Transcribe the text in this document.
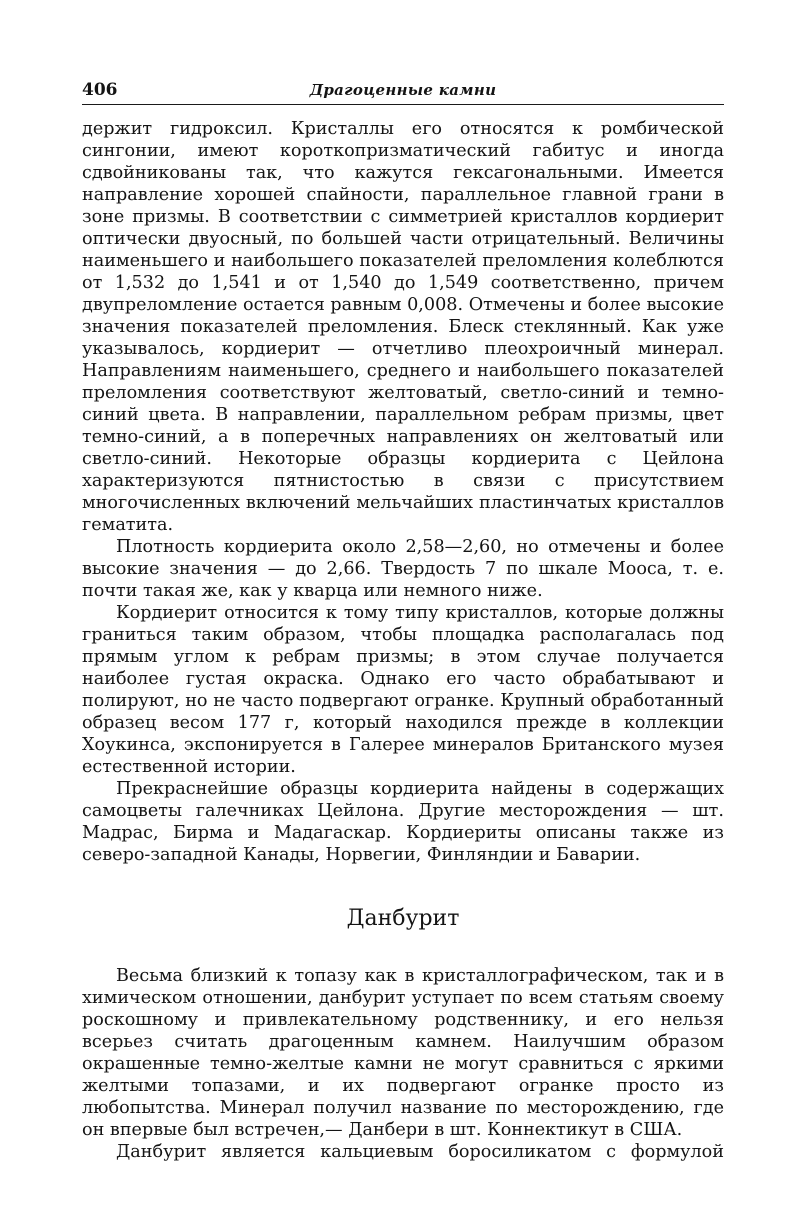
406	Драгоценные камни

держит гидроксил. Кристаллы его относятся к ромбической сингонии, имеют короткопризматический габитус и иногда сдвойникованы так, что кажутся гексагональными. Имеется направление хорошей спайности, параллельное главной грани в зоне призмы. В соответствии с симметрией кристаллов кордиерит оптически двуосный, по большей части отрицательный. Величины наименьшего и наибольшего показателей преломления колеблются от 1,532 до 1,541 и от 1,540 до 1,549 соответственно, причем двупреломление остается равным 0,008. Отмечены и более высокие значения показателей преломления. Блеск стеклянный. Как уже указывалось, кордиерит — отчетливо плеохроичный минерал. Направлениям наименьшего, среднего и наибольшего показателей преломления соответствуют желтоватый, светло-синий и темно-синий цвета. В направлении, параллельном ребрам призмы, цвет темно-синий, а в поперечных направлениях он желтоватый или светло-синий. Некоторые образцы кордиерита с Цейлона характеризуются пятнистостью в связи с присутствием многочисленных включений мельчайших пластинчатых кристаллов гематита.

Плотность кордиерита около 2,58—2,60, но отмечены и более высокие значения — до 2,66. Твердость 7 по шкале Мооса, т. е. почти такая же, как у кварца или немного ниже.

Кордиерит относится к тому типу кристаллов, которые должны граниться таким образом, чтобы площадка располагалась под прямым углом к ребрам призмы; в этом случае получается наиболее густая окраска. Однако его часто обрабатывают и полируют, но не часто подвергают огранке. Крупный обработанный образец весом 177 г, который находился прежде в коллекции Хоукинса, экспонируется в Галерее минералов Британского музея естественной истории.

Прекраснейшие образцы кордиерита найдены в содержащих самоцветы галечниках Цейлона. Другие месторождения — шт. Мадрас, Бирма и Мадагаскар. Кордиериты описаны также из северо-западной Канады, Норвегии, Финляндии и Баварии.

Данбурит

Весьма близкий к топазу как в кристаллографическом, так и в химическом отношении, данбурит уступает по всем статьям своему роскошному и привлекательному родственнику, и его нельзя всерьез считать драгоценным камнем. Наилучшим образом окрашенные темно-желтые камни не могут сравниться с яркими желтыми топазами, и их подвергают огранке просто из любопытства. Минерал получил название по месторождению, где он впервые был встречен,— Данбери в шт. Коннектикут в США.

Данбурит является кальциевым боросиликатом с формулой
